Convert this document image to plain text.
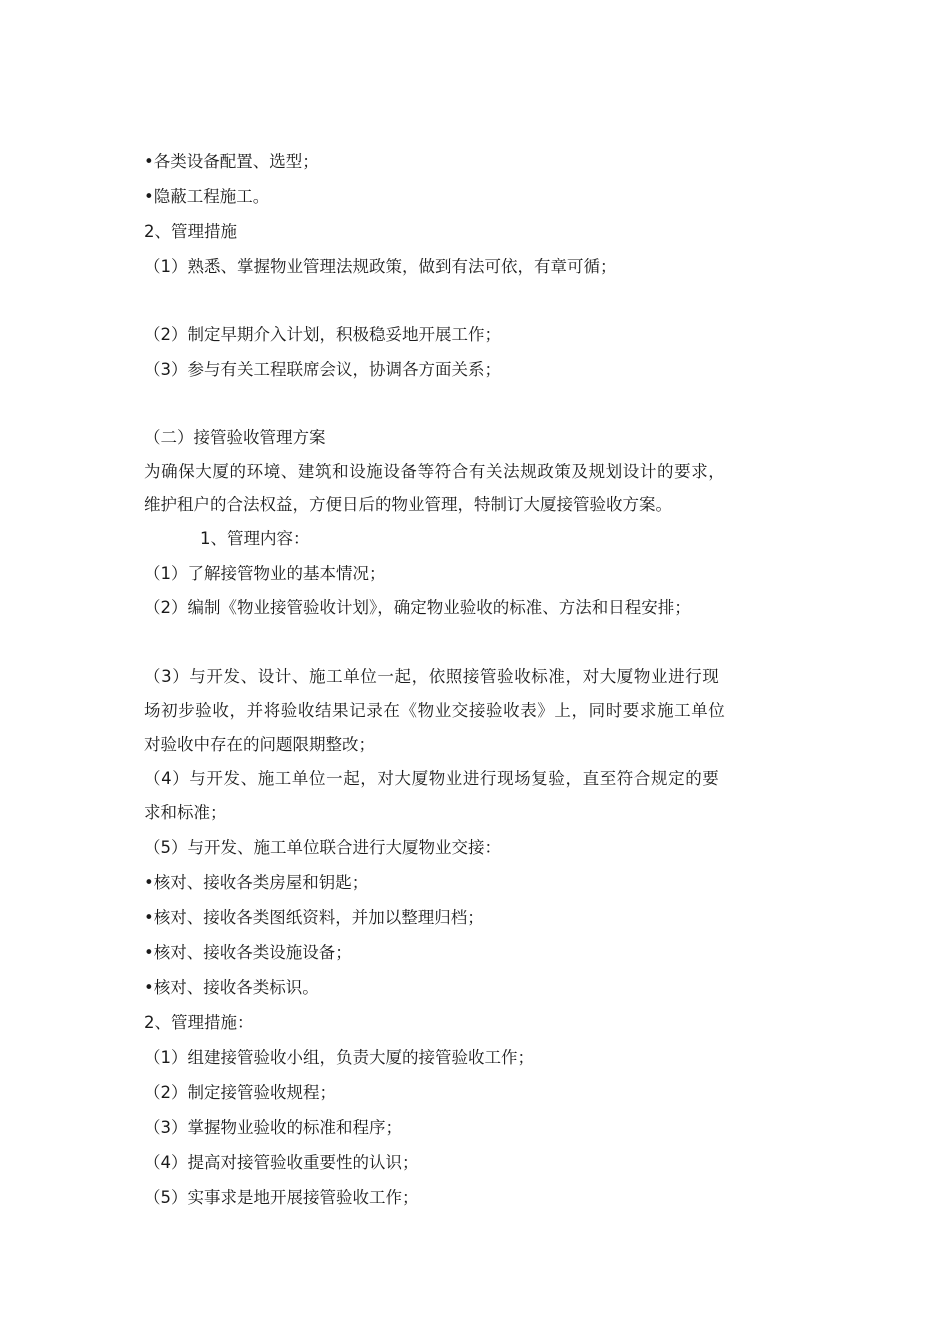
•各类设备配置、选型；
•隐蔽工程施工。
2、管理措施
（1）熟悉、掌握物业管理法规政策，做到有法可依，有章可循；
（2）制定早期介入计划，积极稳妥地开展工作；
（3）参与有关工程联席会议，协调各方面关系；
（二）接管验收管理方案
为确保大厦的环境、建筑和设施设备等符合有关法规政策及规划设计的要求，
维护租户的合法权益，方便日后的物业管理，特制订大厦接管验收方案。
1、管理内容：
（1）了解接管物业的基本情况；
（2）编制《物业接管验收计划》，确定物业验收的标准、方法和日程安排；
（3）与开发、设计、施工单位一起，依照接管验收标准，对大厦物业进行现
场初步验收，并将验收结果记录在《物业交接验收表》上，同时要求施工单位
对验收中存在的问题限期整改；
（4）与开发、施工单位一起，对大厦物业进行现场复验，直至符合规定的要
求和标准；
（5）与开发、施工单位联合进行大厦物业交接：
•核对、接收各类房屋和钥匙；
•核对、接收各类图纸资料，并加以整理归档；
•核对、接收各类设施设备；
•核对、接收各类标识。
2、管理措施：
（1）组建接管验收小组，负责大厦的接管验收工作；
（2）制定接管验收规程；
（3）掌握物业验收的标准和程序；
（4）提高对接管验收重要性的认识；
（5）实事求是地开展接管验收工作；
